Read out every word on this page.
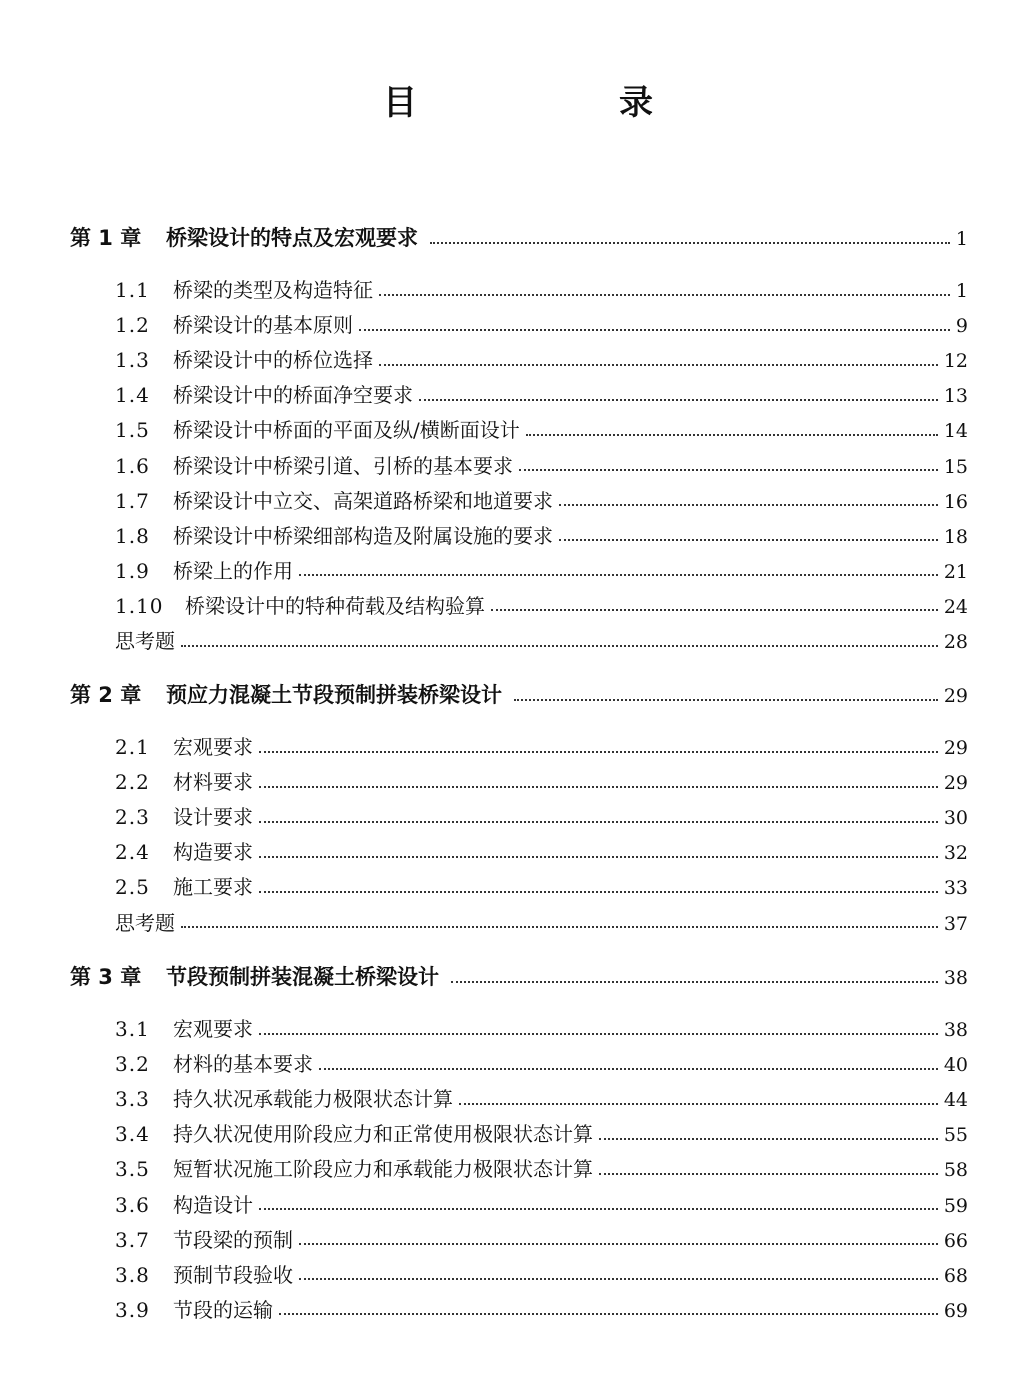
目　录
第 1 章	桥梁设计的特点及宏观要求	1
1.1	桥梁的类型及构造特征	1
1.2	桥梁设计的基本原则	9
1.3	桥梁设计中的桥位选择	12
1.4	桥梁设计中的桥面净空要求	13
1.5	桥梁设计中桥面的平面及纵/横断面设计	14
1.6	桥梁设计中桥梁引道、引桥的基本要求	15
1.7	桥梁设计中立交、高架道路桥梁和地道要求	16
1.8	桥梁设计中桥梁细部构造及附属设施的要求	18
1.9	桥梁上的作用	21
1.10	桥梁设计中的特种荷载及结构验算	24
思考题	28
第 2 章	预应力混凝土节段预制拼装桥梁设计	29
2.1	宏观要求	29
2.2	材料要求	29
2.3	设计要求	30
2.4	构造要求	32
2.5	施工要求	33
思考题	37
第 3 章	节段预制拼装混凝土桥梁设计	38
3.1	宏观要求	38
3.2	材料的基本要求	40
3.3	持久状况承载能力极限状态计算	44
3.4	持久状况使用阶段应力和正常使用极限状态计算	55
3.5	短暂状况施工阶段应力和承载能力极限状态计算	58
3.6	构造设计	59
3.7	节段梁的预制	66
3.8	预制节段验收	68
3.9	节段的运输	69
